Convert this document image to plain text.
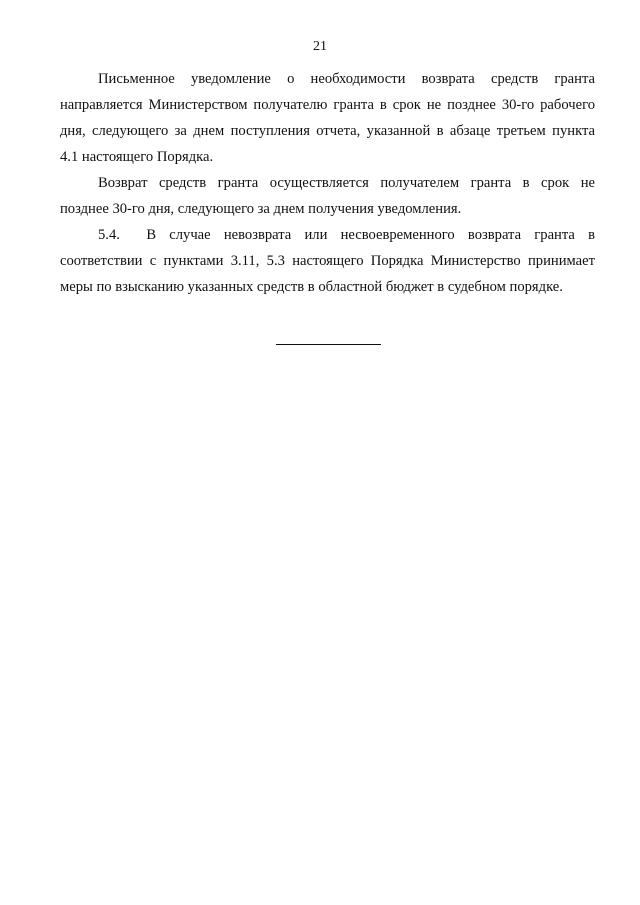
21

Письменное уведомление о необходимости возврата средств гранта
направляется Министерством получателю гранта в срок не позднее 30-го рабочего
дня, следующего за днем поступления отчета, указанной в абзаце третьем пункта
4.1 настоящего Порядка.

Возврат средств гранта осуществляется получателем гранта в срок не
позднее 30-го дня, следующего за днем получения уведомления.

5.4.  В случае невозврата или несвоевременного возврата гранта в
соответствии с пунктами 3.11, 5.3 настоящего Порядка Министерство принимает
меры по взысканию указанных средств в областной бюджет в судебном порядке.
